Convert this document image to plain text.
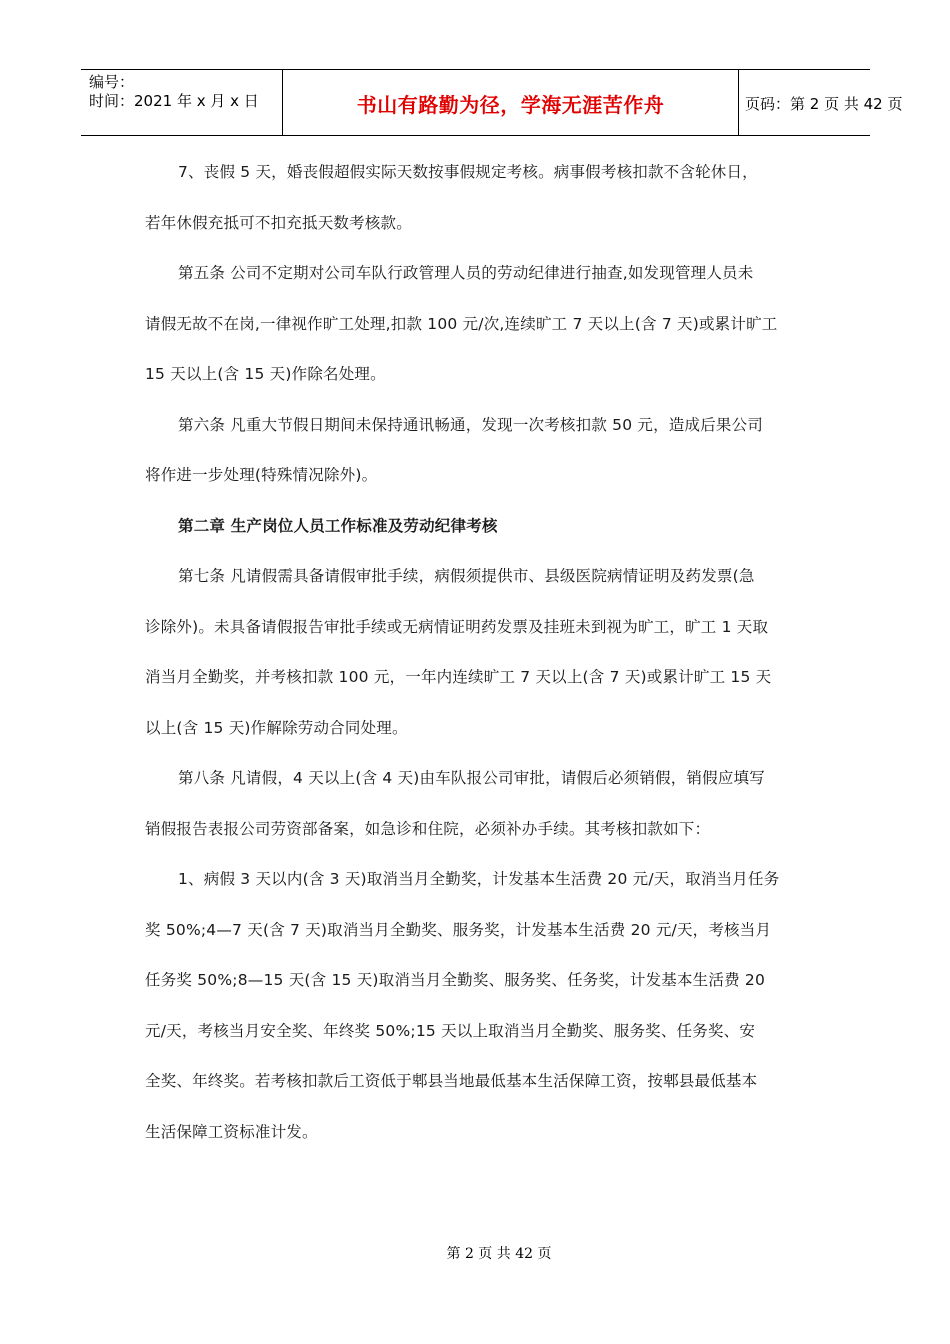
编号：
时间：2021 年 x 月 x 日	书山有路勤为径，学海无涯苦作舟	页码：第 2 页 共 42 页
7、丧假 5 天，婚丧假超假实际天数按事假规定考核。病事假考核扣款不含轮休日，
若年休假充抵可不扣充抵天数考核款。
第五条 公司不定期对公司车队行政管理人员的劳动纪律进行抽查,如发现管理人员未
请假无故不在岗,一律视作旷工处理,扣款 100 元/次,连续旷工 7 天以上(含 7 天)或累计旷工
15 天以上(含 15 天)作除名处理。
第六条 凡重大节假日期间未保持通讯畅通，发现一次考核扣款 50 元，造成后果公司
将作进一步处理(特殊情况除外)。
第二章 生产岗位人员工作标准及劳动纪律考核
第七条 凡请假需具备请假审批手续，病假须提供市、县级医院病情证明及药发票(急
诊除外)。未具备请假报告审批手续或无病情证明药发票及挂班未到视为旷工，旷工 1 天取
消当月全勤奖，并考核扣款 100 元，一年内连续旷工 7 天以上(含 7 天)或累计旷工 15 天
以上(含 15 天)作解除劳动合同处理。
第八条 凡请假，4 天以上(含 4 天)由车队报公司审批，请假后必须销假，销假应填写
销假报告表报公司劳资部备案，如急诊和住院，必须补办手续。其考核扣款如下：
1、病假 3 天以内(含 3 天)取消当月全勤奖，计发基本生活费 20 元/天，取消当月任务
奖 50%;4—7 天(含 7 天)取消当月全勤奖、服务奖，计发基本生活费 20 元/天，考核当月
任务奖 50%;8—15 天(含 15 天)取消当月全勤奖、服务奖、任务奖，计发基本生活费 20
元/天，考核当月安全奖、年终奖 50%;15 天以上取消当月全勤奖、服务奖、任务奖、安
全奖、年终奖。若考核扣款后工资低于郫县当地最低基本生活保障工资，按郫县最低基本
生活保障工资标准计发。
第 2 页 共 42 页
